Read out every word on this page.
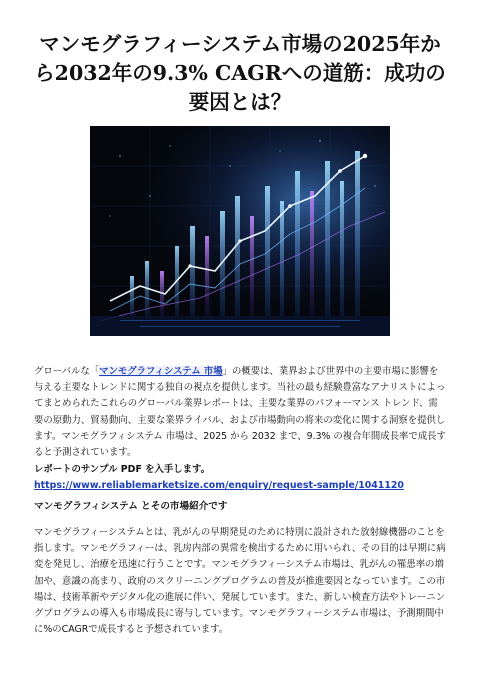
マンモグラフィーシステム市場の2025年から2032年の9.3% CAGRへの道筋：成功の要因とは？

グローバルな「マンモグラフィシステム 市場」の概要は、業界および世界中の主要市場に影響を与える主要なトレンドに関する独自の視点を提供します。当社の最も経験豊富なアナリストによってまとめられたこれらのグローバル業界レポートは、主要な業界のパフォーマンス トレンド、需要の原動力、貿易動向、主要な業界ライバル、および市場動向の将来の変化に関する洞察を提供します。マンモグラフィシステム 市場は、2025 から 2032 まで、9.3% の複合年間成長率で成長すると予測されています。

レポートのサンプル PDF を入手します。https://www.reliablemarketsize.com/enquiry/request-sample/1041120

マンモグラフィシステム とその市場紹介です

マンモグラフィーシステムとは、乳がんの早期発見のために特別に設計された放射線機器のことを指します。マンモグラフィーは、乳房内部の異常を検出するために用いられ、その目的は早期に病変を発見し、治療を迅速に行うことです。マンモグラフィーシステム市場は、乳がんの罹患率の増加や、意識の高まり、政府のスクリーニングプログラムの普及が推進要因となっています。この市場は、技術革新やデジタル化の進展に伴い、発展しています。また、新しい検査方法やトレーニングプログラムの導入も市場成長に寄与しています。マンモグラフィーシステム市場は、予測期間中に%のCAGRで成長すると予想されています。
